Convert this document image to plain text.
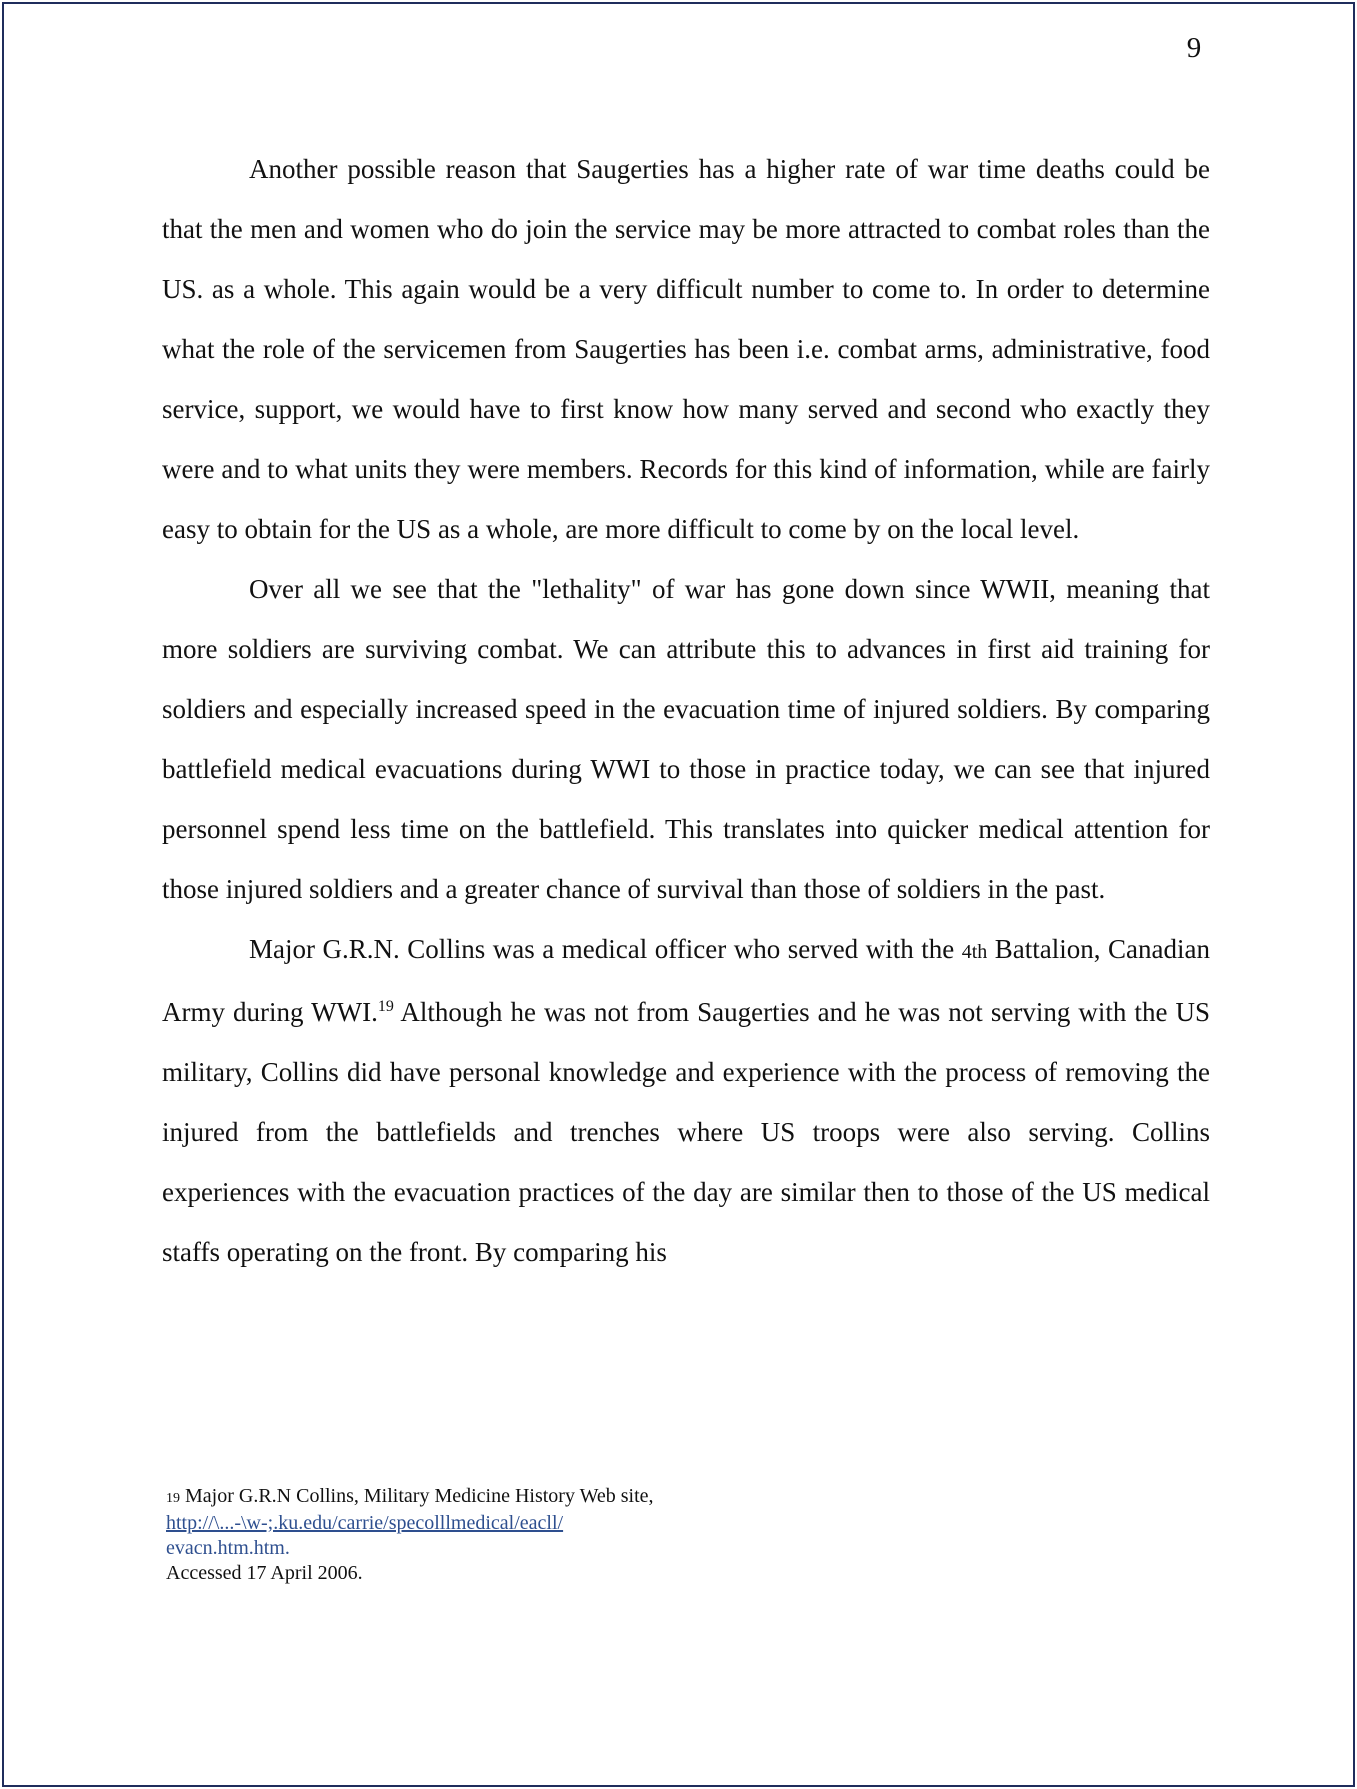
9

Another possible reason that Saugerties has a higher rate of war time deaths could be that the men and women who do join the service may be more attracted to combat roles than the US. as a whole. This again would be a very difficult number to come to. In order to determine what the role of the servicemen from Saugerties has been i.e. combat arms, administrative, food service, support, we would have to first know how many served and second who exactly they were and to what units they were members. Records for this kind of information, while are fairly easy to obtain for the US as a whole, are more difficult to come by on the local level.

Over all we see that the "lethality" of war has gone down since WWII, meaning that more soldiers are surviving combat. We can attribute this to advances in first aid training for soldiers and especially increased speed in the evacuation time of injured soldiers. By comparing battlefield medical evacuations during WWI to those in practice today, we can see that injured personnel spend less time on the battlefield. This translates into quicker medical attention for those injured soldiers and a greater chance of survival than those of soldiers in the past.

Major G.R.N. Collins was a medical officer who served with the 4th Battalion, Canadian Army during WWI.$^{19}$ Although he was not from Saugerties and he was not serving with the US military, Collins did have personal knowledge and experience with the process of removing the injured from the battlefields and trenches where US troops were also serving. Collins experiences with the evacuation practices of the day are similar then to those of the US medical staffs operating on the front. By comparing his

19 Major G.R.N Collins, Military Medicine History Web site,
http://\...-\w-;.ku.edu/carrie/specolllmedical/eacll/
evacn.htm.htm.
Accessed 17 April 2006.
